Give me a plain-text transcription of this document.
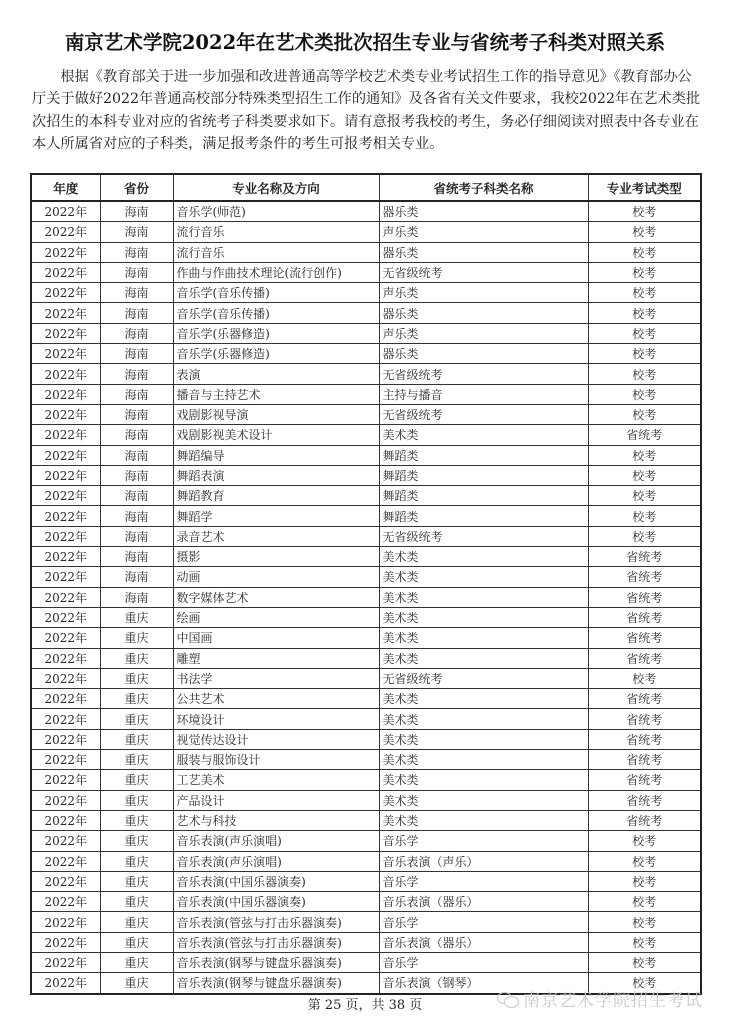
南京艺术学院2022年在艺术类批次招生专业与省统考子科类对照关系

根据《教育部关于进一步加强和改进普通高等学校艺术类专业考试招生工作的指导意见》《教育部办公厅关于做好2022年普通高校部分特殊类型招生工作的通知》及各省有关文件要求，我校2022年在艺术类批次招生的本科专业对应的省统考子科类要求如下。请有意报考我校的考生，务必仔细阅读对照表中各专业在本人所属省对应的子科类，满足报考条件的考生可报考相关专业。

年度	省份	专业名称及方向	省统考子科类名称	专业考试类型
2022年	海南	音乐学(师范)	器乐类	校考
2022年	海南	流行音乐	声乐类	校考
2022年	海南	流行音乐	器乐类	校考
2022年	海南	作曲与作曲技术理论(流行创作)	无省级统考	校考
2022年	海南	音乐学(音乐传播)	声乐类	校考
2022年	海南	音乐学(音乐传播)	器乐类	校考
2022年	海南	音乐学(乐器修造)	声乐类	校考
2022年	海南	音乐学(乐器修造)	器乐类	校考
2022年	海南	表演	无省级统考	校考
2022年	海南	播音与主持艺术	主持与播音	校考
2022年	海南	戏剧影视导演	无省级统考	校考
2022年	海南	戏剧影视美术设计	美术类	省统考
2022年	海南	舞蹈编导	舞蹈类	校考
2022年	海南	舞蹈表演	舞蹈类	校考
2022年	海南	舞蹈教育	舞蹈类	校考
2022年	海南	舞蹈学	舞蹈类	校考
2022年	海南	录音艺术	无省级统考	校考
2022年	海南	摄影	美术类	省统考
2022年	海南	动画	美术类	省统考
2022年	海南	数字媒体艺术	美术类	省统考
2022年	重庆	绘画	美术类	省统考
2022年	重庆	中国画	美术类	省统考
2022年	重庆	雕塑	美术类	省统考
2022年	重庆	书法学	无省级统考	校考
2022年	重庆	公共艺术	美术类	省统考
2022年	重庆	环境设计	美术类	省统考
2022年	重庆	视觉传达设计	美术类	省统考
2022年	重庆	服装与服饰设计	美术类	省统考
2022年	重庆	工艺美术	美术类	省统考
2022年	重庆	产品设计	美术类	省统考
2022年	重庆	艺术与科技	美术类	省统考
2022年	重庆	音乐表演(声乐演唱)	音乐学	校考
2022年	重庆	音乐表演(声乐演唱)	音乐表演（声乐）	校考
2022年	重庆	音乐表演(中国乐器演奏)	音乐学	校考
2022年	重庆	音乐表演(中国乐器演奏)	音乐表演（器乐）	校考
2022年	重庆	音乐表演(管弦与打击乐器演奏)	音乐学	校考
2022年	重庆	音乐表演(管弦与打击乐器演奏)	音乐表演（器乐）	校考
2022年	重庆	音乐表演(钢琴与键盘乐器演奏)	音乐学	校考
2022年	重庆	音乐表演(钢琴与键盘乐器演奏)	音乐表演（钢琴）	校考
第 25 页，共 38 页	南京艺术学院招生考试
